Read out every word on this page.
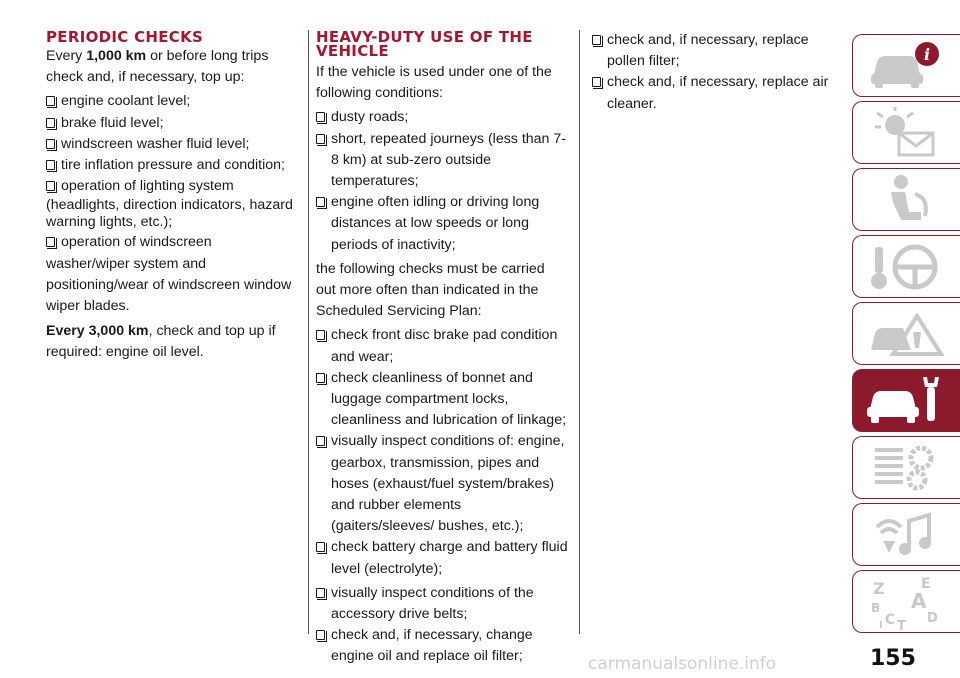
PERIODIC CHECKS

Every 1,000 km or before long trips check and, if necessary, top up:

engine coolant level;
brake fluid level;
windscreen washer fluid level;
tire inflation pressure and condition;
operation of lighting system

(headlights, direction indicators, hazard warning lights, etc.);

operation of windscreen

washer/wiper system and positioning/wear of windscreen window wiper blades.

Every 3,000 km, check and top up if required: engine oil level.

HEAVY-DUTY USE OF THE VEHICLE

If the vehicle is used under one of the following conditions:

dusty roads;
short, repeated journeys (less than 7-8 km) at sub-zero outside temperatures;
engine often idling or driving long distances at low speeds or long periods of inactivity;

the following checks must be carried out more often than indicated in the Scheduled Servicing Plan:

check front disc brake pad condition and wear;
check cleanliness of bonnet and luggage compartment locks, cleanliness and lubrication of linkage;
visually inspect conditions of: engine, gearbox, transmission, pipes and hoses (exhaust/fuel system/brakes) and rubber elements (gaiters/sleeves/ bushes, etc.);
check battery charge and battery fluid level (electrolyte);
visually inspect conditions of the accessory drive belts;
check and, if necessary, change engine oil and replace oil filter;
check and, if necessary, replace pollen filter;
check and, if necessary, replace air cleaner.
i
Z	E
A
B
C D
T
I
155
carmanualsonline.info
